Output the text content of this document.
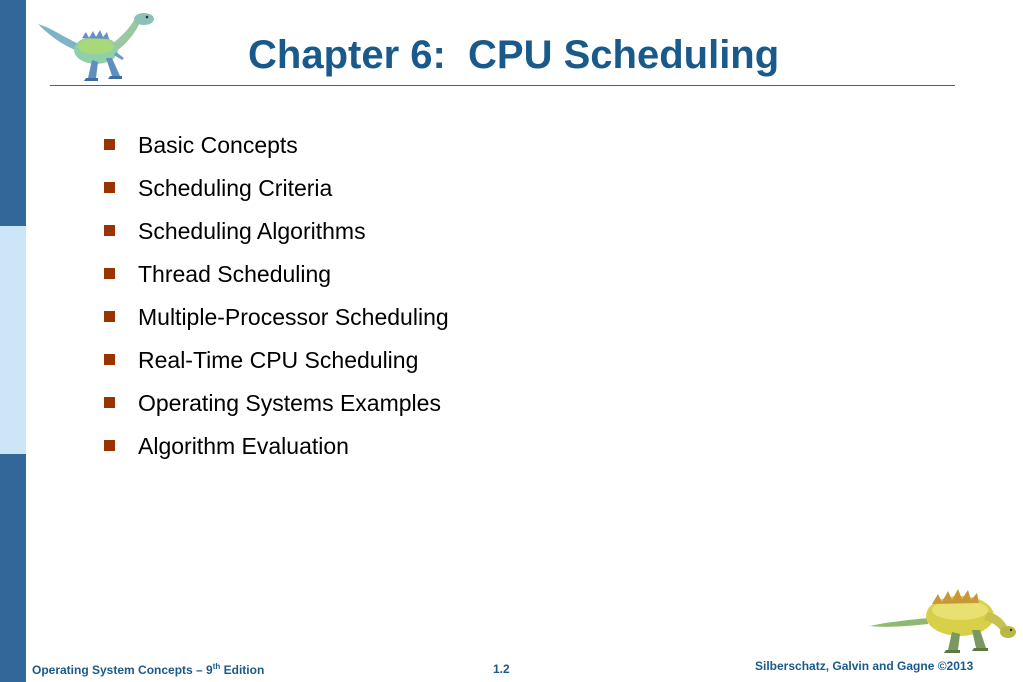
Chapter 6:  CPU Scheduling
Basic Concepts
Scheduling Criteria
Scheduling Algorithms
Thread Scheduling
Multiple-Processor Scheduling
Real-Time CPU Scheduling
Operating Systems Examples
Algorithm Evaluation
Operating System Concepts – 9th Edition	1.2	Silberschatz, Galvin and Gagne ©2013
